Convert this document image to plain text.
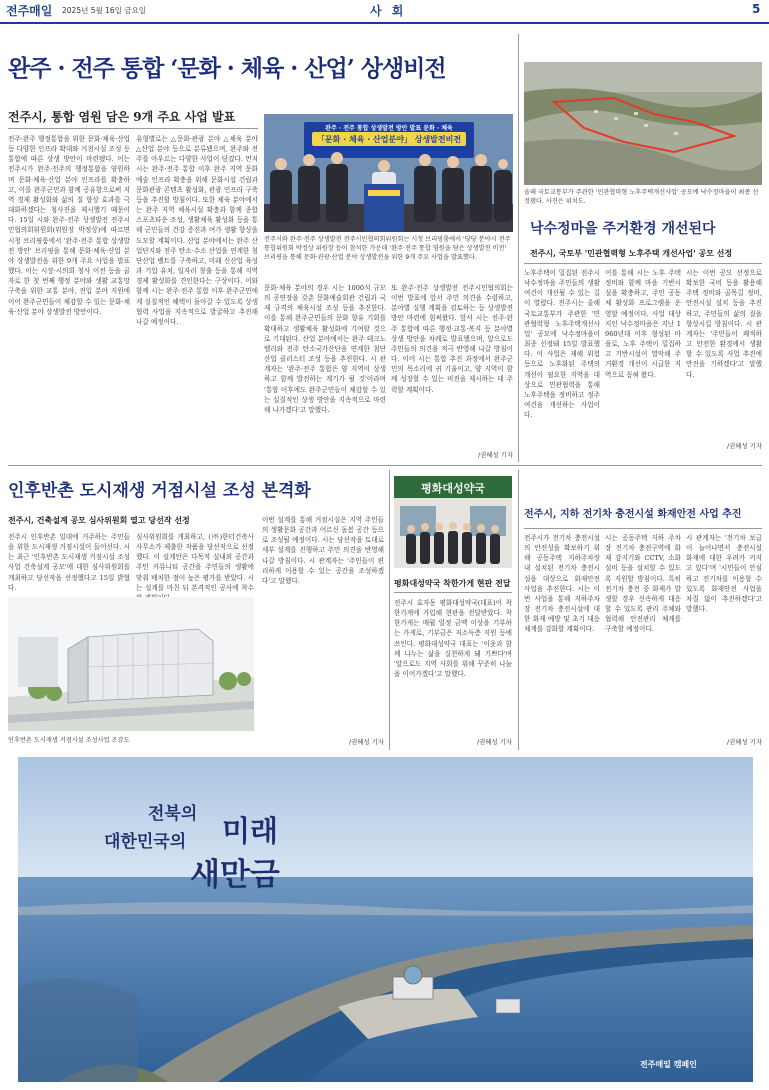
전주매일 2025년 5월 16일 금요일	사 회	5
완주 · 전주 통합 ‘문화 · 체육 · 산업’ 상생비전
전주시, 통합 염원 담은 9개 주요 사업 발표
전주·완주 행정통합을 위한 문화·체육·산업 등 다양한 인프라 확대와 거점시설 조성 등 통합에 따른 상생 방안이 마련됐다. 이는 전주시가 완주·전주의 행정통합을 염원하며 문화·체육·산업 분야 인프라를 확충하고, 이를 완주군민과 함께 공유함으로써 지역 경제 활성화와 삶의 질 향상 효과를 극대화하겠다는 청사진을 제시했기 때문이다. 15일 시와 완주·전주 상생발전 전주시민협의회위원회(위원장 박정상)에 따르면 시청 브리핑룸에서 '완주·전주 통합 상생발전 방안' 브리핑을 통해 문화·체육·산업 분야 상생발전을 위한 9개 주요 사업을 발표했다. 이는 시장·시의회 청사 이전 등을 골자로 한 첫 번째 행정 분야와 생활 교통망 구축을 위한 교통 분야, 전입 분야 지원에 이어 완주군민들이 체감할 수 있는 문화·체육·산업 분야 상생발전 방안이다.
유형별로는 △문화·관광 분야 △체육 분야 △산업 분야 등으로 분류됐으며, 완주와 전주를 아우르는 다양한 사업이 담겼다. 먼저 시는 완주·전주 통합 이후 완주 지역 문화예술 인프라 확충을 위해 문화시설 건립과 문화관광 콘텐츠 활성화, 관광 인프라 구축 등을 추진할 방침이다. 또한 체육 분야에서는 완주 지역 체육시설 확충과 함께 종합 스포츠타운 조성, 생활체육 활성화 등을 통해 군민들의 건강 증진과 여가 생활 향상을 도모할 계획이다. 산업 분야에서는 완주 산업단지와 전주 탄소·수소 산업을 연계한 첨단산업 벨트를 구축하고, 미래 신산업 육성과 기업 유치, 일자리 창출 등을 통해 지역 경제 활성화를 견인한다는 구상이다. 이와 함께 시는 완주·전주 통합 이후 완주군민에게 실질적인 혜택이 돌아갈 수 있도록 상생협력 사업을 지속적으로 발굴하고 추진해 나갈 예정이다.
완주 · 전주 통합 상생발전 방안 발표 문화 · 체육
「문화 · 체육 · 산업분야」 상생발전비전
전주시와 완주·전주 상생발전 전주시민협의회위원회는 시청 브리핑룸에서 '당당 분야시 전주통합위원회 박정상 위원장 등이 참석한 가운데 '완주·전주 통합 염원을 담은 상생발전 비전' 브리핑을 통해 문화·관광·산업 분야 상생발전을 위한 9개 주요 사업을 발표했다.
문화·체육 분야의 경우 시는 1000석 규모의 공연장을 갖춘 문화예술회관 건립과 국제 규격의 체육시설 조성 등을 추진한다. 이를 통해 완주군민들의 문화 향유 기회를 확대하고 생활체육 활성화에 기여할 것으로 기대된다. 산업 분야에서는 완주 테크노밸리와 전주 탄소국가산단을 연계한 첨단산업 클러스터 조성 등을 추진한다. 시 관계자는 '완주·전주 통합은 양 지역이 상생하고 함께 발전하는 계기가 될 것'이라며 '통합 이후에도 완주군민들이 체감할 수 있는 실질적인 상생 방안을 지속적으로 마련해 나가겠다'고 말했다.
또 완주·전주 상생발전 전주시민협의회는 이번 발표에 앞서 주민 의견을 수렴하고, 분야별 실행 계획을 검토하는 등 상생발전 방안 마련에 힘써왔다. 앞서 시는 전주·완주 통합에 따른 행정·교통·복지 등 분야별 상생 방안을 차례로 발표했으며, 앞으로도 주민들의 의견을 적극 반영해 나갈 방침이다. 이어 시는 통합 추진 과정에서 완주군민의 목소리에 귀 기울이고, 양 지역이 함께 성장할 수 있는 비전을 제시하는 데 주력할 계획이다.
/권혜성 기자
올해 국토교통부가 주관한 '민관협력형 노후주택개선사업' 공모에 낙수정마을이 최종 선정됐다. 사진은 위치도.
낙수정마을 주거환경 개선된다
전주시, 국토부 '민관협력형 노후주택 개선사업' 공모 선정
노후주택이 밀집된 전주시 낙수정마을 주민들의 생활 여건이 개선될 수 있는 길이 열렸다. 전주시는 올해 국토교통부가 주관한 '민관협력형 노후주택개선사업' 공모에 낙수정마을이 최종 선정돼 15일 발표했다. 이 사업은 재해 위험 등으로 노후화된 주택의 개선이 필요한 지역을 대상으로 민관협력을 통해 노후주택을 정비하고 정주여건을 개선하는 사업이다.
이를 통해 시는 노후 주택 정비와 함께 마을 기반시설을 확충하고, 주민 공동체 활성화 프로그램을 운영할 예정이다. 사업 대상지인 낙수정마을은 지난 1960년대 이후 형성된 마을로, 노후 주택이 밀집하고 기반시설이 열악해 주거환경 개선이 시급한 지역으로 꼽혀 왔다.
시는 이번 공모 선정으로 확보한 국비 등을 활용해 주택 정비와 골목길 정비, 안전시설 설치 등을 추진하고, 주민들의 삶의 질을 향상시킬 방침이다. 시 관계자는 '주민들이 쾌적하고 안전한 환경에서 생활할 수 있도록 사업 추진에 만전을 기하겠다'고 말했다.
/권혜성 기자
인후반촌 도시재생 거점시설 조성 본격화
전주시, 건축설계 공모 심사위원회 열고 당선작 선정
전주시 인후반촌 일대에 거주하는 주민들을 위한 도시재생 거점시설이 들어선다. 시는 최근 '인후반촌 도시재생 거점시설 조성사업 건축설계 공모'에 대한 심사위원회를 개최하고 당선작을 선정했다고 15일 밝혔다.
심사위원회를 개최하고, (㈜)한터건축사사무소가 제출한 작품을 당선작으로 선정했다. 이 설계안은 다목적 실내외 공간과 주민 커뮤니티 공간을 주민들의 생활에 맞춰 배치한 점이 높은 평가를 받았다. 시는 설계를 마친 뒤 본격적인 공사에 착수
인후반촌 도시재생 거점시설 조성사업 조감도
이번 설계를 통해 거점시설은 지역 주민들의 생활문화 공간과 어르신 돌봄 공간 등으로 조성될 예정이다. 시는 당선작을 토대로 세부 설계를 진행하고 주민 의견을 반영해 나갈 방침이다. 시 관계자는 '주민들이 편리하게 이용할 수 있는 공간을 조성하겠다'고 말했다.
/권혜성 기자
평화대성약국
평화대성약국 착한가게 현판 전달
전주시 효자동 평화대성약국(대표)이 착한가게에 가입해 현판을 전달받았다. 착한가게는 매월 일정 금액 이상을 기부하는 가게로, 기부금은 저소득층 지원 등에 쓰인다. 평화대성약국 대표는 '이웃과 함께 나누는 삶을 실천하게 돼 기쁘다'며 '앞으로도 지역 사회를 위해 꾸준히 나눔을 이어가겠다'고 말했다.
/권혜성 기자
전주시, 지하 전기차 충전시설 화재안전 사업 추진
전주시가 전기차 충전시설의 안전성을 확보하기 위해 공동주택 지하주차장 내 설치된 전기차 충전시설을 대상으로 화재안전 사업을 추진한다. 시는 이번 사업을 통해 지하주차장 전기차 충전시설에 대한 화재 예방 및 초기 대응 체계를 강화할 계획이다.
시는 공동주택 지하 주차장 전기차 충전구역에 화재 감지기와 CCTV, 소화 설비 등을 설치할 수 있도록 지원할 방침이다. 특히 전기차 충전 중 화재가 발생할 경우 신속하게 대응할 수 있도록 관리 주체와 협력해 안전관리 체계를 구축할 예정이다.
시 관계자는 '전기차 보급이 늘어나면서 충전시설 화재에 대한 우려가 커지고 있다'며 '시민들이 안심하고 전기차를 이용할 수 있도록 화재안전 사업을 차질 없이 추진하겠다'고 말했다.
/권혜성 기자
전북의
대한민국의 미래
새만금
전주매일 캠페인
